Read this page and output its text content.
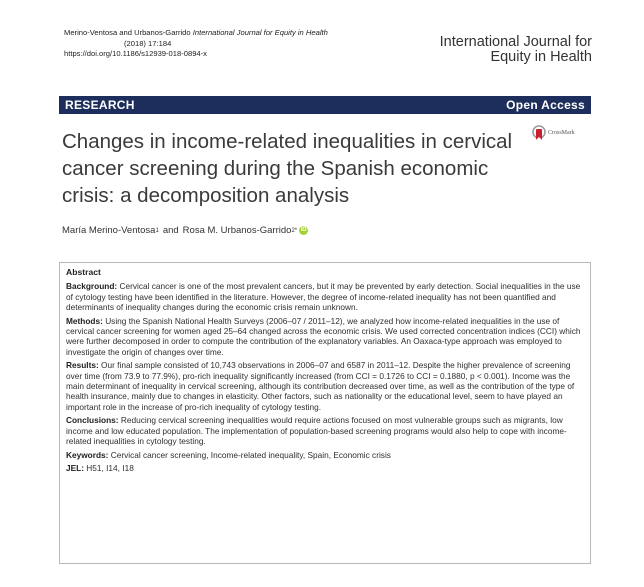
Merino-Ventosa and Urbanos-Garrido International Journal for Equity in Health
(2018) 17:184
https://doi.org/10.1186/s12939-018-0894-x
International Journal for
Equity in Health
RESEARCH	Open Access
Changes in income-related inequalities in cervical cancer screening during the Spanish economic crisis: a decomposition analysis
CrossMark
María Merino-Ventosa 1 and Rosa M. Urbanos-Garrido 2* iD
Abstract

Background: Cervical cancer is one of the most prevalent cancers, but it may be prevented by early detection. Social inequalities in the use of cytology testing have been identified in the literature. However, the degree of income-related inequality has not been quantified and determinants of inequality changes during the economic crisis remain unknown.

Methods: Using the Spanish National Health Surveys (2006–07 / 2011–12), we analyzed how income-related inequalities in the use of cervical cancer screening for women aged 25–64 changed across the economic crisis. We used corrected concentration indices (CCI) which were further decomposed in order to compute the contribution of the explanatory variables. An Oaxaca-type approach was employed to investigate the origin of changes over time.

Results: Our final sample consisted of 10,743 observations in 2006–07 and 6587 in 2011–12. Despite the higher prevalence of screening over time (from 73.9 to 77.9%), pro-rich inequality significantly increased (from CCI = 0.1726 to CCI = 0.1880, p < 0.001). Income was the main determinant of inequality in cervical screening, although its contribution decreased over time, as well as the contribution of the type of health insurance, mainly due to changes in elasticity. Other factors, such as nationality or the educational level, seem to have played an important role in the increase of pro-rich inequality of cytology testing.

Conclusions: Reducing cervical screening inequalities would require actions focused on most vulnerable groups such as migrants, low income and low educated population. The implementation of population-based screening programs would also help to cope with income-related inequalities in cytology testing.

Keywords: Cervical cancer screening, Income-related inequality, Spain, Economic crisis

JEL: H51, I14, I18
